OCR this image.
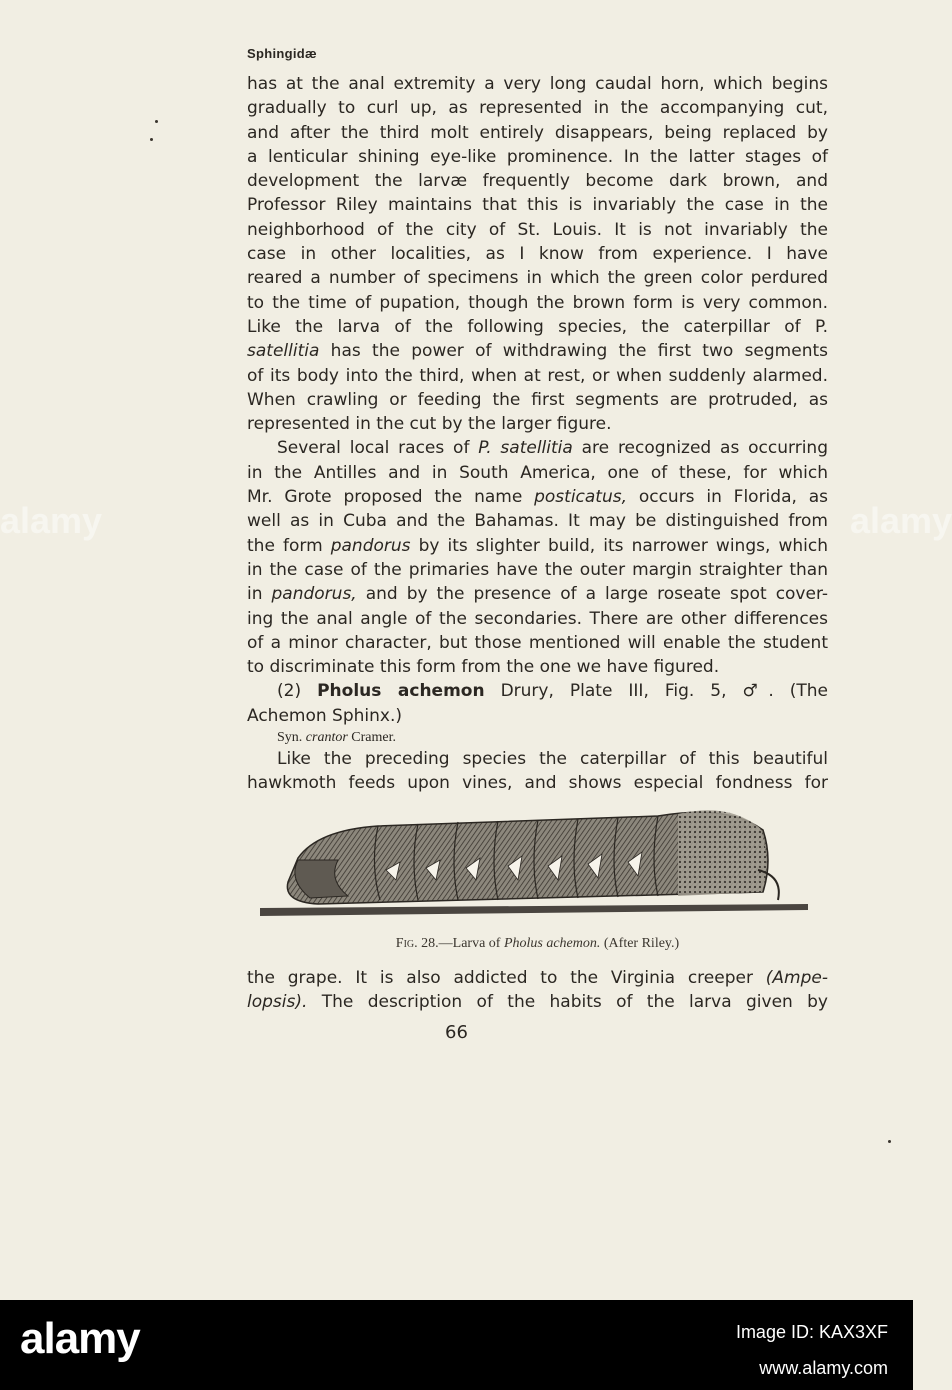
Sphingidæ
has at the anal extremity a very long caudal horn, which begins
gradually to curl up, as represented in the accompanying cut,
and after the third molt entirely disappears, being replaced by
a lenticular shining eye-like prominence. In the latter stages of
development the larvæ frequently become dark brown, and
Professor Riley maintains that this is invariably the case in the
neighborhood of the city of St. Louis. It is not invariably the
case in other localities, as I know from experience. I have
reared a number of specimens in which the green color perdured
to the time of pupation, though the brown form is very common.
Like the larva of the following species, the caterpillar of P.
satellitia has the power of withdrawing the first two segments
of its body into the third, when at rest, or when suddenly alarmed.
When crawling or feeding the first segments are protruded, as
represented in the cut by the larger figure.
Several local races of P. satellitia are recognized as occurring
in the Antilles and in South America, one of these, for which
Mr. Grote proposed the name posticatus, occurs in Florida, as
well as in Cuba and the Bahamas. It may be distinguished from
the form pandorus by its slighter build, its narrower wings, which
in the case of the primaries have the outer margin straighter than
in pandorus, and by the presence of a large roseate spot cover-
ing the anal angle of the secondaries. There are other differences
of a minor character, but those mentioned will enable the student
to discriminate this form from the one we have figured.
(2) Pholus achemon Drury, Plate III, Fig. 5, ♂. (The
Achemon Sphinx.)
Syn. crantor Cramer.
Like the preceding species the caterpillar of this beautiful
hawkmoth feeds upon vines, and shows especial fondness for
Fig. 28.—Larva of Pholus achemon. (After Riley.)
the grape. It is also addicted to the Virginia creeper (Ampe-
lopsis). The description of the habits of the larva given by
66
alamy	alamy
alamy	Image ID: KAX3XF
www.alamy.com
